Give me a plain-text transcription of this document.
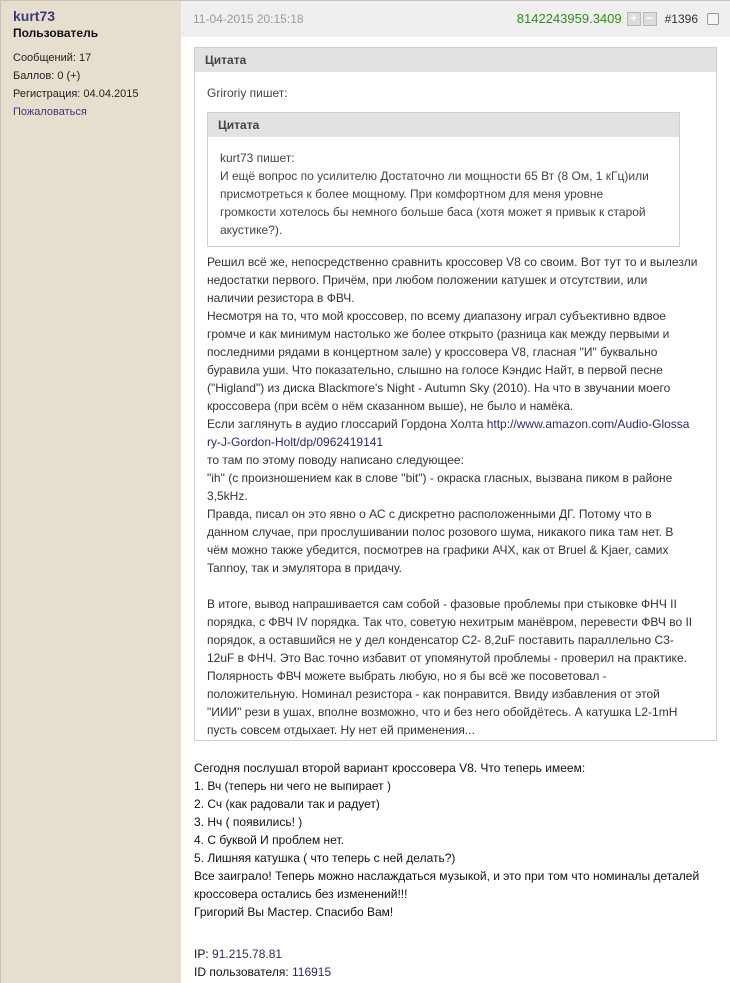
kurt73
Пользователь
Сообщений: 17
Баллов: 0 (+)
Регистрация: 04.04.2015
Пожаловаться
11-04-2015 20:15:18	8142243959.3409 + − #1396
Цитата
Griroriy пишет:
Цитата
kurt73 пишет:
И ещё вопрос по усилителю Достаточно ли мощности 65 Вт (8 Ом, 1 кГц)или
присмотреться к более мощному. При комфортном для меня уровне
громкости хотелось бы немного больше баса (хотя может я привык к старой
акустике?).
Решил всё же, непосредственно сравнить кроссовер V8 со своим. Вот тут то и вылезли
недостатки первого. Причём, при любом положении катушек и отсутствии, или
наличии резистора в ФВЧ.
Несмотря на то, что мой кроссовер, по всему диапазону играл субъективно вдвое
громче и как минимум настолько же более открыто (разница как между первыми и
последними рядами в концертном зале) у кроссовера V8, гласная "И" буквально
буравила уши. Что показательно, слышно на голосе Кэндис Найт, в первой песне
("Higland") из диска Blackmore's Night - Autumn Sky (2010). На что в звучании моего
кроссовера (при всём о нём сказанном выше), не было и намёка.
Если заглянуть в аудио глоссарий Гордона Холта http://www.amazon.com/Audio-Glossa
ry-J-Gordon-Holt/dp/0962419141
то там по этому поводу написано следующее:
"ih" (с произношением как в слове "bit") - окраска гласных, вызвана пиком в районе
3,5kHz.
Правда, писал он это явно о АС с дискретно расположенными ДГ. Потому что в
данном случае, при прослушивании полос розового шума, никакого пика там нет. В
чём можно также убедится, посмотрев на графики АЧХ, как от Bruel & Kjaer, самих
Tannoy, так и эмулятора в придачу.
В итоге, вывод напрашивается сам собой - фазовые проблемы при стыковке ФНЧ II
порядка, с ФВЧ IV порядка. Так что, советую нехитрым манёвром, перевести ФВЧ во II
порядок, а оставшийся не у дел конденсатор С2- 8,2uF поставить параллельно С3-
12uF в ФНЧ. Это Вас точно избавит от упомянутой проблемы - проверил на практике.
Полярность ФВЧ можете выбрать любую, но я бы всё же посоветовал -
положительную. Номинал резистора - как понравится. Ввиду избавления от этой
"ИИИ" рези в ушах, вполне возможно, что и без него обойдётесь. А катушка L2-1mH
пусть совсем отдыхает. Ну нет ей применения...
Сегодня послушал второй вариант кроссовера V8. Что теперь имеем:
1. Вч (теперь ни чего не выпирает )
2. Сч (как радовали так и радует)
3. Нч ( появились! )
4. С буквой И проблем нет.
5. Лишняя катушка ( что теперь с ней делать?)
Все заиграло! Теперь можно наслаждаться музыкой, и это при том что номиналы деталей
кроссовера остались без изменений!!!
Григорий Вы Мастер. Спасибо Вам!
IP: 91.215.78.81
ID пользователя: 116915
